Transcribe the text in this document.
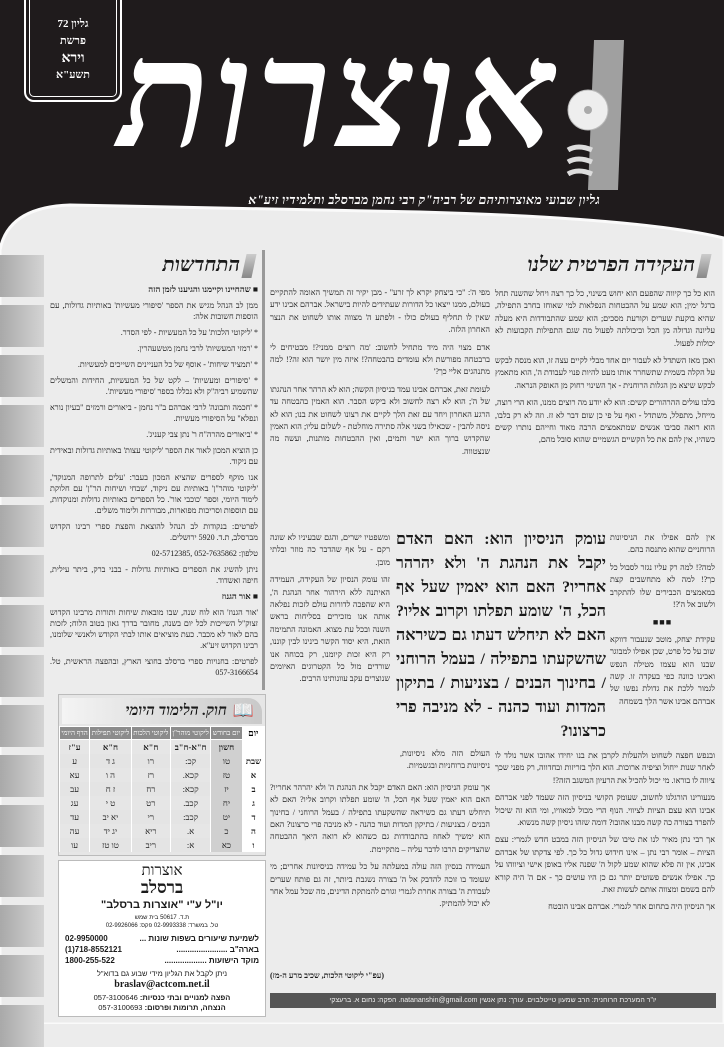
גליון 72
פרשת
וירא
תשע"א אוצרות
גליון שבועי מאוצרותיהם של רביה"ק רבי נחמן מברסלב ותלמידיו זיע"א
העקידה הפרטית שלנו

הוא כל כך קיווה שהפעם הוא יחוש בשינוי, כל כך רצה ויחל שהשנה תחל ברגל ימין; הוא שמע על ההבטחות הנפלאות למי שאוחז בחרב התפילה, שהיא בוקעת שערים וקורעת מסכים; הוא שמע שהתבודדות היא מעלה עליונה וגדולה מן הכל וביכולתה לפעול מה שגם התפילות הקבועות לא יכולות לפעול.

ואכן מאז השתדל לא לעבור יום אחד מבלי לקיים עצה זו, הוא מנסה לבקש על הקלה בשמית שתשחרר אותו מעט להיות פנוי לעבודת ה', הוא מתאמץ לבקש שיצא מן הגלות הרוחנית - אך השינוי רחוק מן האופק הנראה.

בלבו עולים ההרהורים קשים: הוא לא יודע מה רוצים ממנו, הוא הרי רוצה, מייחל, מתפלל, משתדל - ואף על פי כן שום דבר לא זז. וזה לא רק בלבו, הוא רואה סביבו אנשים שמתאמצים הרבה מאוד וחייהם נותרו קשים כשהיו, אין להם את כל הקשיים הגשמיים שהוא סובל מהם,

אין להם אפילו את הניסיונות הרוחניים שהוא מתנסה בהם.

למה?! למה רק עליו נגזר לסבול כל כך?! למה לא מתחשבים קצת במאמצים הכבירים שלו להתקרב ולשוב אל ה'?!

■■■

עקידת יצחק, מוטב שנעבור דווקא שוב על כל פרט, שכן אפילו למבוגר שבנו הוא עצמו מטילה הנפש ואבינו כוונה כפי בעקדה זו. קשה לגמור ללכת את גדולת נפשו של אברהם אבינו אשר הלך בשמחה

ובנפש חפצה לשחוט ולהעלות לקרבן את בנו יחידו אהובו אשר נולד לו לאחר שנות ייחול וציפיה ארוכות. הוא הלך בזריזות ובחדווה, רק מפני שכך ציווה לו בוראו. מי יכול להכיל את הרעיון המשגב הזה?!

מנעורינו הורגלנו לחשוב, שעומק הקושי בניסיון הזה שעמד לפני אברהם אבינו הוא עצם הציות לציווי. הנוף הרי מכול למאוויו, ומי הוא זה שיכול להפרד בצורה כה קשה מבנו אהובו? דומה שזהו ניסיון קשה מנשוא.

אך רבי נתן מאיר לנו את טיבו של הניסיון הזה במבט חדש לגמרי: עצם הציות – אומר רבי נתן – אינו חידוש גדול כל כך. לפי צדקתו של אברהם אבינו, אין זה פלא שהוא שמע לקול ה' שפנה אליו באופן אישי וציווהו על כך. אפילו אנשים פשוטים יותר גם כן היו עושים כך - אם ה' היה קורא להם בשמם ומצווה אותם לעשות זאת.

אך הניסיון היה בתחום אחר לגמרי. אברהם אבינו הובטח

מפי ה': "כי ביצחק יקרא לך זרע" - מבן יקיר זה תמשיך האומה להתקיים בעולם, ממנו ייצאו כל הדורות שעתידים להיות בישראל. אברהם אבינו ידע שאין לו תחליף בעולם כולו - ולפתע ה' מצווה אותו לשחוט את הנצר האחרון הלזה.

אדם מצוי היה מיד מתחיל לחשוב: 'מה רוצים ממני?! מבטיחים לי ברבטחה מפורשת ולא עומדים בהבטחה?! איזה מין יושר הוא זה?! למה מתנהגים אליי כך?'

לעומת זאת, אברהם אבינו עמד בניסיון הקשה; הוא לא הרהר אחר הנהגתו של ה'; הוא לא רצה לחשוב ולא ביקש הסבר. הוא האמין בהבטחה עד הרגע האחרון ויחד עם זאת הלך לקיים את רצונו לשחוט את בנו; הוא לא ניסה להבין - שכאילו בשני אלה סתירה מוחלטת - לשלום עליו; הוא האמין שהקדוש ברוך הוא ישר ותמים, ואין ההבטחות מותנות, ועשה מה שנצטווה.

ומשפטיו ישרים, והגם שבעיניו לא שונה רקם - על אף שהדבר כה מוזר ובלתי מובן.

זהו עומק הנסיון של העקידה, העמידה האיתנה ללא הירהור אחר הנהגת ה', היא שהפכה לדורות עולם לזכות נפלאה אותה אנו מזכירים בסליחות בראש השנה ובכל עת מצוא. האמונה התמימה הזאת, היא יסוד הקשר בינינו לבין קוננו, רק היא זכות קיומנו, רק בכוחה אנו שורדים מול כל הקטרוגים האיומים שנוצרים עקב עוונותינו הרבים.

העולם הזה מלא ניסיונות, ניסיונות ברוחניות ובגשמיות.

אך עומק הניסיון הוא: האם האדם יקבל את הנהגת ה' ולא יהרהר אחריו? האם הוא יאמין שעל אף הכל, ה' שומע תפלתו וקרוב אליו? האם לא תיחלש דעתו גם כשיראה שהשקעתו בתפילה / בעמל הרוחני / בחינוך הבנים / בצניעות / בתיקון המדות ועוד כהנה - לא מניבה פרי כרצונו? האם הוא ימשיך לאחוז בהתבודדות גם כשהוא לא רואה היאך ההבטחה שהצדיקים הרבו לדבר עליה – מתקיימת.

העמידה בנסיון הזה עולה במעלתה על כל עמידה בניסיונות אחרים; מי שעומד בו זוכה להדבק אל ה' בצורה נשגבת ביותר, זה גם פותח שערים לעבודת ה' בצורה אחרת לגמרי וגורם להמתקת הדינים, מה שכל עמל אחר לא יכול להמתיק.

(עפ"י ליקוטי הלכות, שכיב מרע ה-מז)
עומק הניסיון הוא: האם האדם יקבל את הנהגת ה' ולא יהרהר אחריו? האם הוא יאמין שעל אף הכל, ה' שומע תפלתו וקרוב אליו? האם לא תיחלש דעתו גם כשיראה שהשקעתו בתפילה / בעמל הרוחני / בחינוך הבנים / בצניעות / בתיקון המדות ועוד כהנה - לא מניבה פרי כרצונו?
התחדשות

■ שהחיינו וקיימנו והגיענו לזמן הזה

ממן לב הנהל מגיש את הספר 'סיפורי מעשיות' באותיות גדולות, עם הוספות חשובות אלה:

* 'ליקוטי הלכות' על כל המעשיות - לפי הסדר.

* 'רמזי המעשיות' לרבי נחמן מטשעהרין.

* 'תמציד שיחות' - אוסף של כל העניינים השייכים למעשיות.

* 'סיפורים ומעשיות' – לקט של כל המעשיות, החידות והמשלים שהשמיע רביה"ק ולא נכללו בספר 'סיפורי מעשיות'.

* 'חכמה ותבונה' לרבי אברהם ב"ר נחמן - ביאורים ורמזים "בעיון נורא ונפלא" על הסיפורי מעשיות.

* 'ביאורים מהרה"ח ר' נתן צבי קעניג'.

כן הוציא המכון לאור את הספר 'ליקוטי עצות' באותיות גדולות ובאידית עם ניקוד.

אנו מוקף לספרים שהציא המכון בעבר: 'עלים לתרופה המנוקד', 'ליקוטי מוהר"ן' באותיות עם ניקוד, 'שבחי ושיחות הר"ן' עם חלוקת לימוד היומי, וספר 'כוכבי אור'. כל הספרים באותיות גדולות ומנוקדות, עם תוספות וסריכות מפוארות, מבוררות ולימוד משלים.

לפרטים: בנקודות לב הנהל להוצאת והפצת ספרי רבינו הקדוש מברסלב, ת.ד. 5920 ירושלים.

טלפון: 052-7635862 ,02-5712385

ניתן להשיג את הספרים באותיות גדולות - בבני ברק, ביתר עילית, חיפה ואשדוד.

■ אור הגנוז

'אור הגנוז' הוא לוח שנה, שבו מובאות שיחות ותורות מרבינו הקדוש זצוק"ל השייכות לכל יום בשנה, מחובר בדרך גאון בטוב הלוח; לזכות בהם לאור לא מכבר. כעת מוציאים אותו לבתי הקודש ולאנשי שלומנו, רבינו הקדוש זיע"א.

לפרטים: בחנויות ספרי ברסלב בחוצי הארץ, ובהפצה הראשית, טל. 057-3166654

📖
חוק. הלימוד היומי
יום	יום בחודש	ליקוטי מוהר"ן	ליקוטי הלכות	ליקוטי תפילות	הדף היומי
	חשון	ח"א-ח"ב	ח"א	ח"א	ע"ז
שבת	טו	קכ:	רו	ג ד	ע
א	טז	קכא.	רז	ה ו	עא
ב	יז	קכא:	רח	ז ח	עב
ג	יח	קכב.	רט	ט י	עג
ד	יט	קכב:	רי	יא יב	עד
ה	כ	א.	ריא	יג יד	עה
ו	כא	א:	ריב	טו טז	עו
אוצרות
ברסלב
יו"ל ע"י "אוצרות ברסלב"
ת.ד. 50617 בית שמש
טל. במשרד: 02-9993338 פקס: 02-9926066
לשמיעת שיעורים בשפות שונות ...
02-9950000
בארה"ב .......................
(1)718-8552121
מוקד הישועות ...................
1800-255-522
ניתן לקבל את הגליון מידי שבוע גם בדוא"ל
braslav@actcom.net.il
הפצה למנויים ובתי כנסיות: 057-3100646
הנצחה, תרומות ופרסום: 057-3100693
יו"ר המערכת הרוחנית: הרב שמעון טייטלבוים. עורך: נתן אנשין natananshin@gmail.com. הפקה: נחום א. ברעצקי
